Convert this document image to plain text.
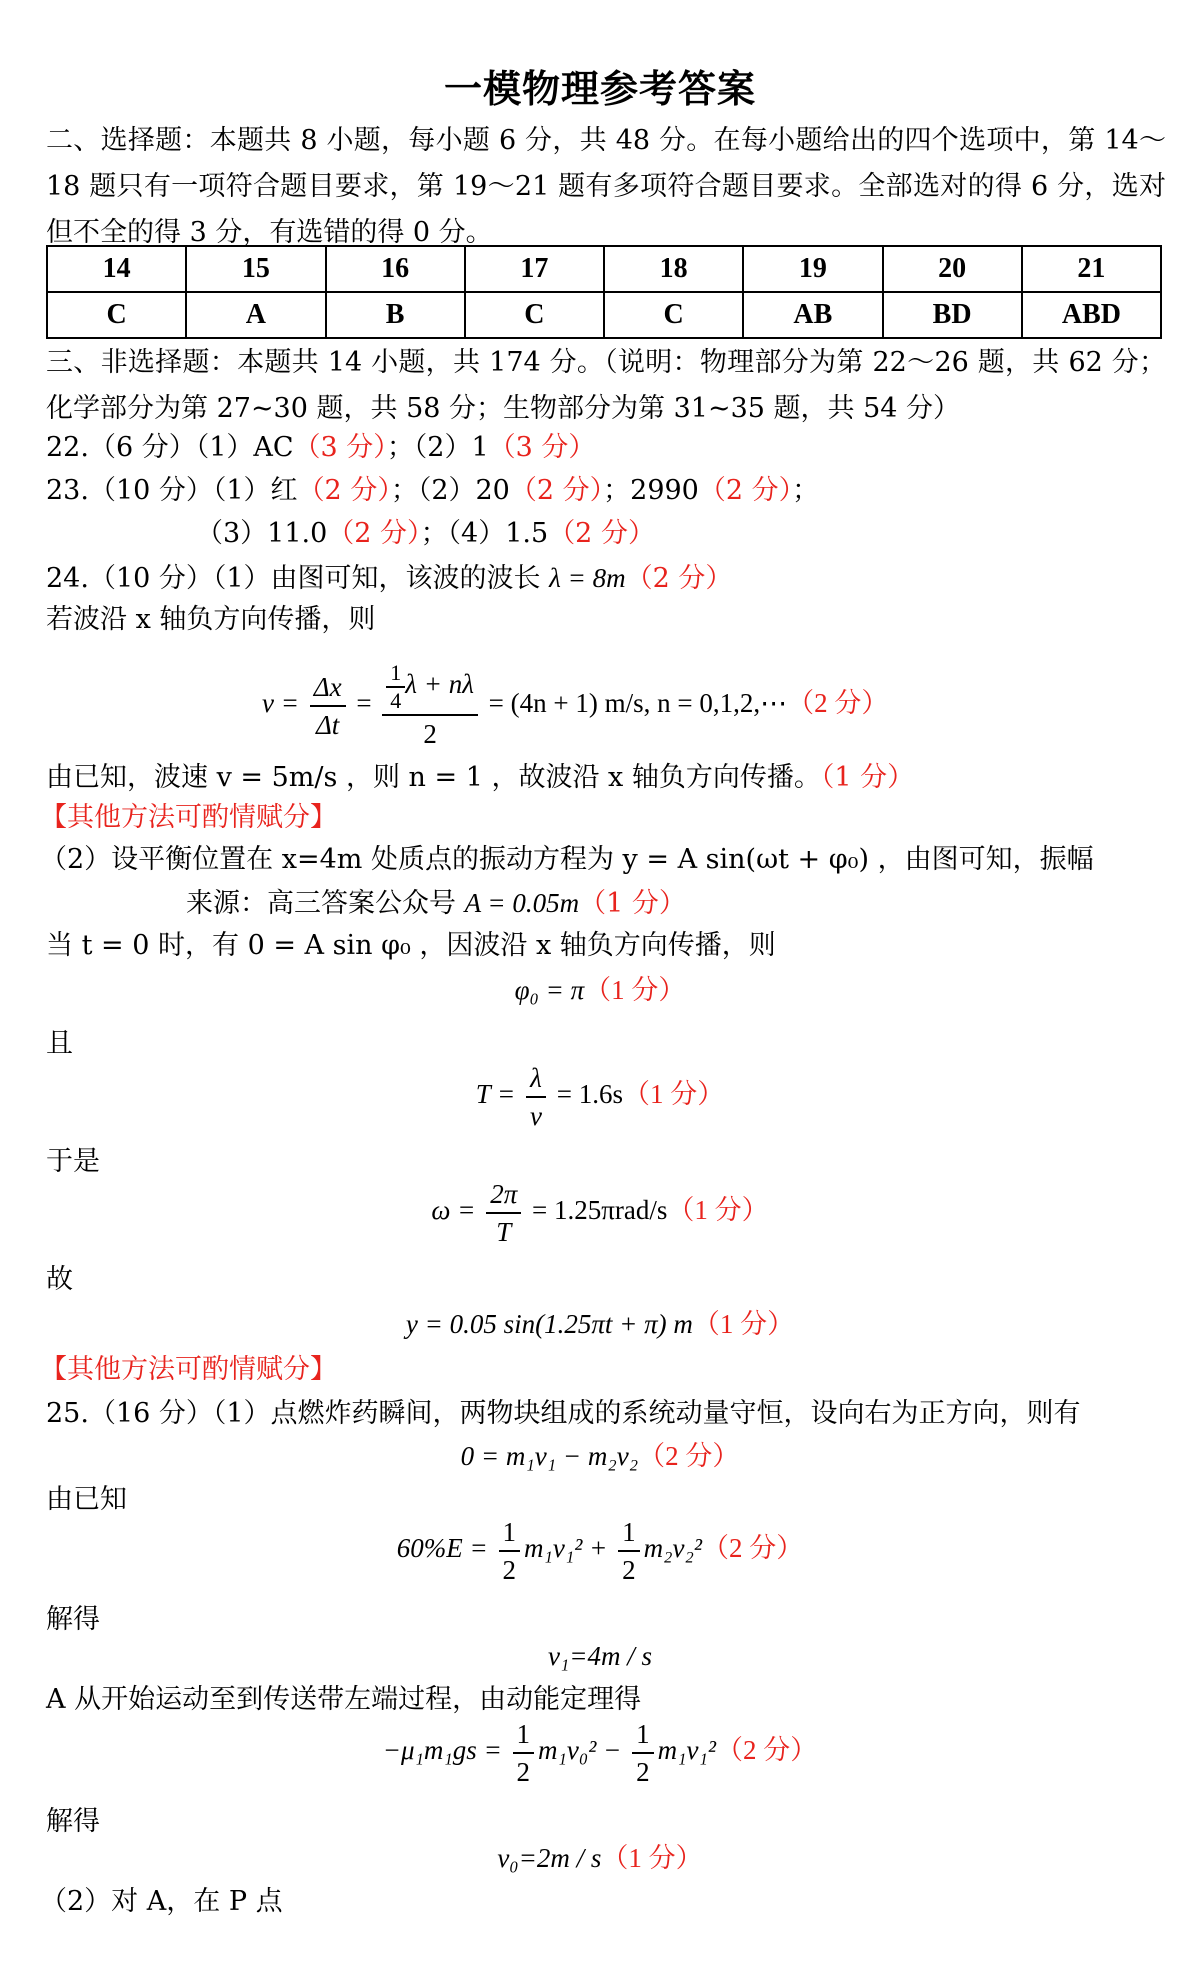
一模物理参考答案
二、选择题：本题共 8 小题，每小题 6 分，共 48 分。在每小题给出的四个选项中，第 14～18 题只有一项符合题目要求，第 19～21 题有多项符合题目要求。全部选对的得 6 分，选对但不全的得 3 分，有选错的得 0 分。
14	15	16	17	18	19	20	21
C	A	B	C	C	AB	BD	ABD
三、非选择题：本题共 14 小题，共 174 分。（说明：物理部分为第 22～26 题，共 62 分；化学部分为第 27~30 题，共 58 分；生物部分为第 31~35 题，共 54 分）
22.（6 分）（1）AC（3 分）；（2）1（3 分）
23.（10 分）（1）红（2 分）；（2）20（2 分）；2990（2 分）；
（3）11.0（2 分）；（4）1.5（2 分）
24.（10 分）（1）由图可知，该波的波长 λ = 8m（2 分）
若波沿 x 轴负方向传播，则
$v = \frac{\Delta x}{\Delta t} = \frac{\frac{1}{4} \lambda + n\lambda}{2} = (4n + 1)$ m/s, n = 0,1,2,⋯（2 分）
由已知，波速 v = 5m/s ，则 n = 1 ，故波沿 x 轴负方向传播。（1 分）
【其他方法可酌情赋分】
（2）设平衡位置在 x=4m 处质点的振动方程为 y = A sin(ωt + φ₀) ，由图可知，振幅
来源：高三答案公众号 A = 0.05m（1 分）
当 t = 0 时，有 0 = A sin φ₀ ，因波沿 x 轴负方向传播，则
φ₀ = π（1 分）
且
$T = \frac{\lambda}{v} = 1.6s(1$ 分）
于是
$\omega = \frac{2\pi}{T} = 1.25\pi rad/s(1$ 分）
故
y = 0.05 sin(1.25πt + π) m（1 分）
【其他方法可酌情赋分】
25.（16 分）（1）点燃炸药瞬间，两物块组成的系统动量守恒，设向右为正方向，则有
0 = m₁v₁ − m₂v₂（2 分）
由已知
$60\%E = \frac{1}{2} m_1v_1^2 + \frac{1}{2} m_2v_2^2(2$ 分）
解得
v₁=4m / s
A 从开始运动至到传送带左端过程，由动能定理得
$-\mu_1m_1gs = \frac{1}{2} m_1v_0^2 - \frac{1}{2} m_1v_1^2(2$ 分）
解得
v₀=2m / s（1 分）
（2）对 A，在 P 点
